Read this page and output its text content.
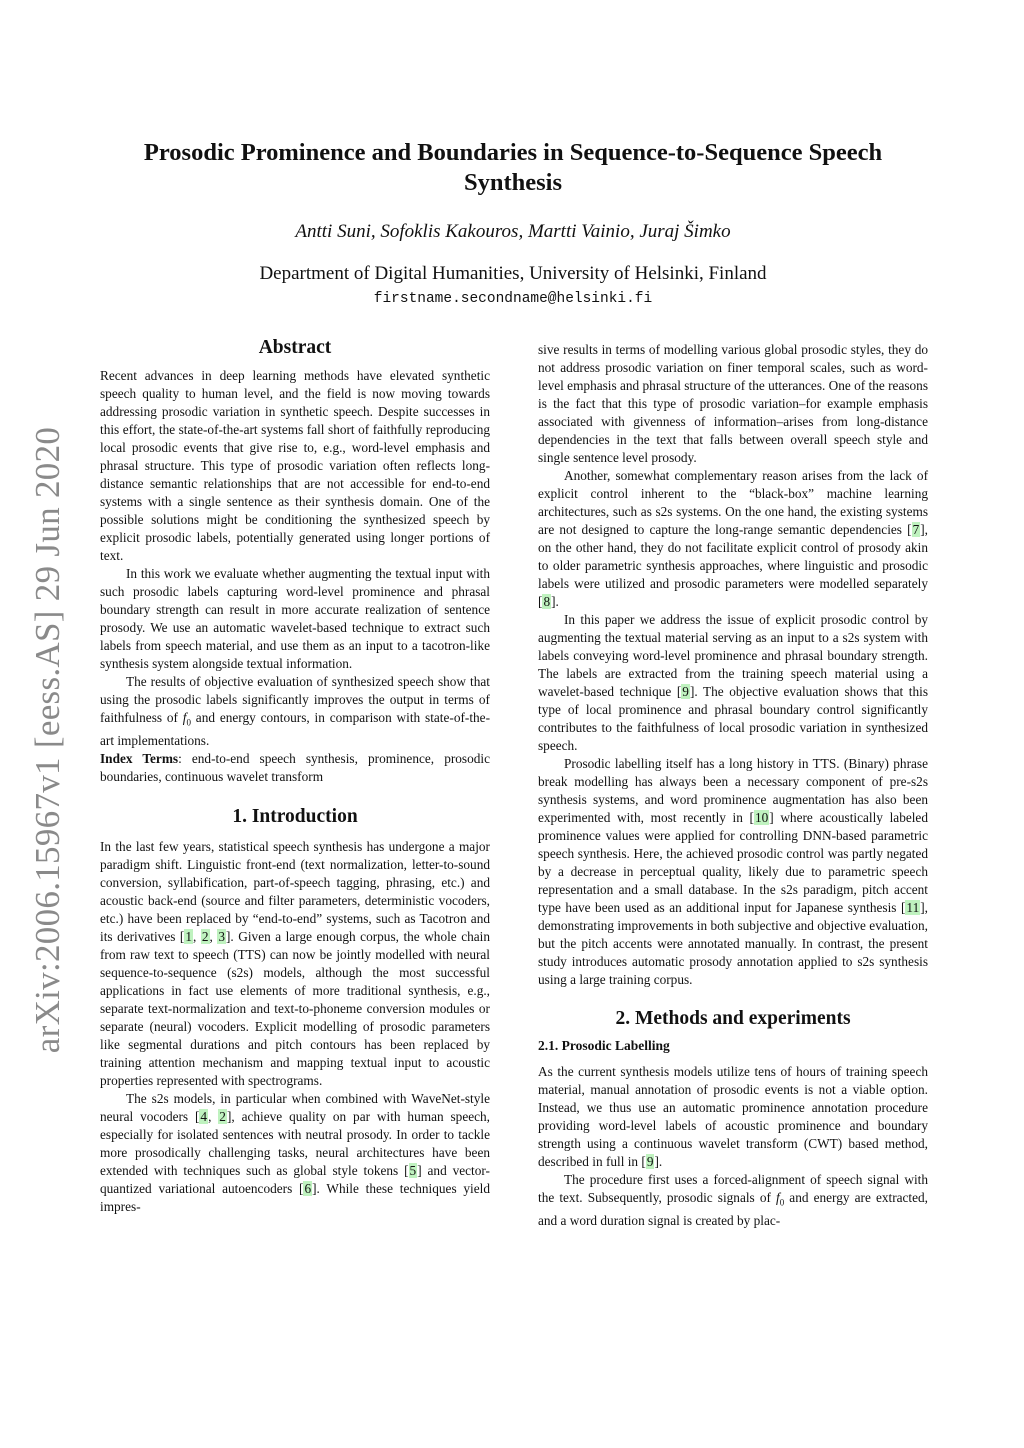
arXiv:2006.15967v1 [eess.AS] 29 Jun 2020
Prosodic Prominence and Boundaries in Sequence-to-Sequence Speech Synthesis
Antti Suni, Sofoklis Kakouros, Martti Vainio, Juraj Šimko
Department of Digital Humanities, University of Helsinki, Finland
firstname.secondname@helsinki.fi
Abstract

Recent advances in deep learning methods have elevated synthetic speech quality to human level, and the field is now moving towards addressing prosodic variation in synthetic speech. Despite successes in this effort, the state-of-the-art systems fall short of faithfully reproducing local prosodic events that give rise to, e.g., word-level emphasis and phrasal structure. This type of prosodic variation often reflects long-distance semantic relationships that are not accessible for end-to-end systems with a single sentence as their synthesis domain. One of the possible solutions might be conditioning the synthesized speech by explicit prosodic labels, potentially generated using longer portions of text.

In this work we evaluate whether augmenting the textual input with such prosodic labels capturing word-level prominence and phrasal boundary strength can result in more accurate realization of sentence prosody. We use an automatic wavelet-based technique to extract such labels from speech material, and use them as an input to a tacotron-like synthesis system alongside textual information.

The results of objective evaluation of synthesized speech show that using the prosodic labels significantly improves the output in terms of faithfulness of $f_0$ and energy contours, in comparison with state-of-the-art implementations.

Index Terms: end-to-end speech synthesis, prominence, prosodic boundaries, continuous wavelet transform

1. Introduction

In the last few years, statistical speech synthesis has undergone a major paradigm shift. Linguistic front-end (text normalization, letter-to-sound conversion, syllabification, part-of-speech tagging, phrasing, etc.) and acoustic back-end (source and filter parameters, deterministic vocoders, etc.) have been replaced by “end-to-end” systems, such as Tacotron and its derivatives [1, 2, 3]. Given a large enough corpus, the whole chain from raw text to speech (TTS) can now be jointly modelled with neural sequence-to-sequence (s2s) models, although the most successful applications in fact use elements of more traditional synthesis, e.g., separate text-normalization and text-to-phoneme conversion modules or separate (neural) vocoders. Explicit modelling of prosodic parameters like segmental durations and pitch contours has been replaced by training attention mechanism and mapping textual input to acoustic properties represented with spectrograms.

The s2s models, in particular when combined with WaveNet-style neural vocoders [4, 2], achieve quality on par with human speech, especially for isolated sentences with neutral prosody. In order to tackle more prosodically challenging tasks, neural architectures have been extended with techniques such as global style tokens [5] and vector-quantized variational autoencoders [6]. While these techniques yield impres-

sive results in terms of modelling various global prosodic styles, they do not address prosodic variation on finer temporal scales, such as word-level emphasis and phrasal structure of the utterances. One of the reasons is the fact that this type of prosodic variation–for example emphasis associated with givenness of information–arises from long-distance dependencies in the text that falls between overall speech style and single sentence level prosody.

Another, somewhat complementary reason arises from the lack of explicit control inherent to the “black-box” machine learning architectures, such as s2s systems. On the one hand, the existing systems are not designed to capture the long-range semantic dependencies [7], on the other hand, they do not facilitate explicit control of prosody akin to older parametric synthesis approaches, where linguistic and prosodic labels were utilized and prosodic parameters were modelled separately [8].

In this paper we address the issue of explicit prosodic control by augmenting the textual material serving as an input to a s2s system with labels conveying word-level prominence and phrasal boundary strength. The labels are extracted from the training speech material using a wavelet-based technique [9]. The objective evaluation shows that this type of local prominence and phrasal boundary control significantly contributes to the faithfulness of local prosodic variation in synthesized speech.

Prosodic labelling itself has a long history in TTS. (Binary) phrase break modelling has always been a necessary component of pre-s2s synthesis systems, and word prominence augmentation has also been experimented with, most recently in [10] where acoustically labeled prominence values were applied for controlling DNN-based parametric speech synthesis. Here, the achieved prosodic control was partly negated by a decrease in perceptual quality, likely due to parametric speech representation and a small database. In the s2s paradigm, pitch accent type have been used as an additional input for Japanese synthesis [11], demonstrating improvements in both subjective and objective evaluation, but the pitch accents were annotated manually. In contrast, the present study introduces automatic prosody annotation applied to s2s synthesis using a large training corpus.

2. Methods and experiments
2.1. Prosodic Labelling

As the current synthesis models utilize tens of hours of training speech material, manual annotation of prosodic events is not a viable option. Instead, we thus use an automatic prominence annotation procedure providing word-level labels of acoustic prominence and boundary strength using a continuous wavelet transform (CWT) based method, described in full in [9].

The procedure first uses a forced-alignment of speech signal with the text. Subsequently, prosodic signals of $f_0$ and energy are extracted, and a word duration signal is created by plac-
